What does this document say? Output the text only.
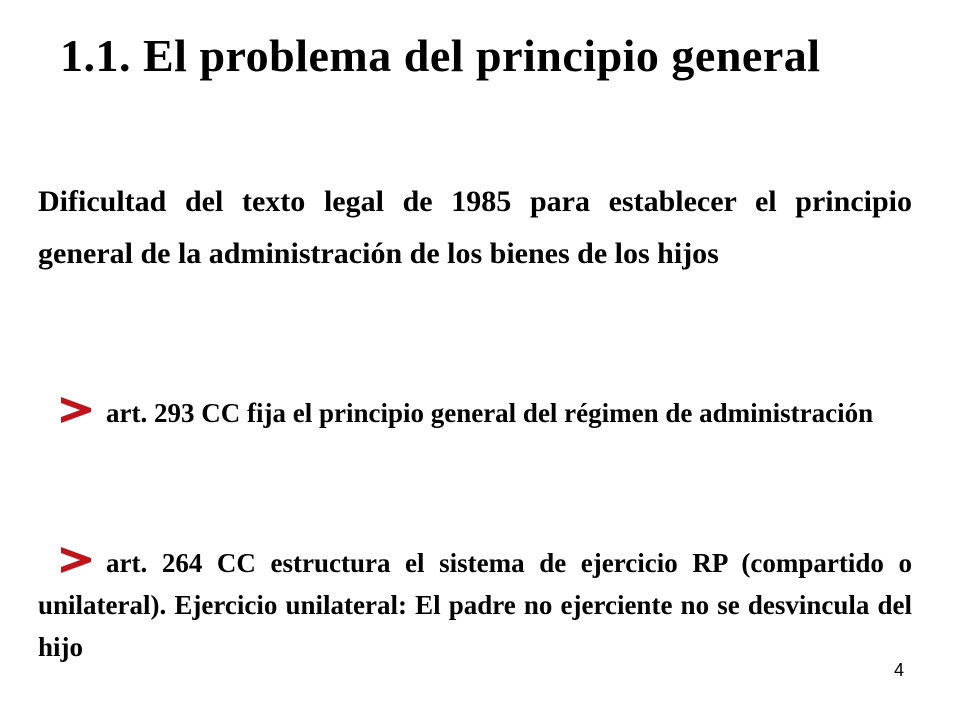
1.1. El problema del principio general

Dificultad del texto legal de 1985 para establecer el principio general de la administración de los bienes de los hijos

art. 293 CC fija el principio general del régimen de administración

art. 264 CC estructura el sistema de ejercicio RP (compartido o unilateral). Ejercicio unilateral: El padre no ejerciente no se desvincula del hijo

4
